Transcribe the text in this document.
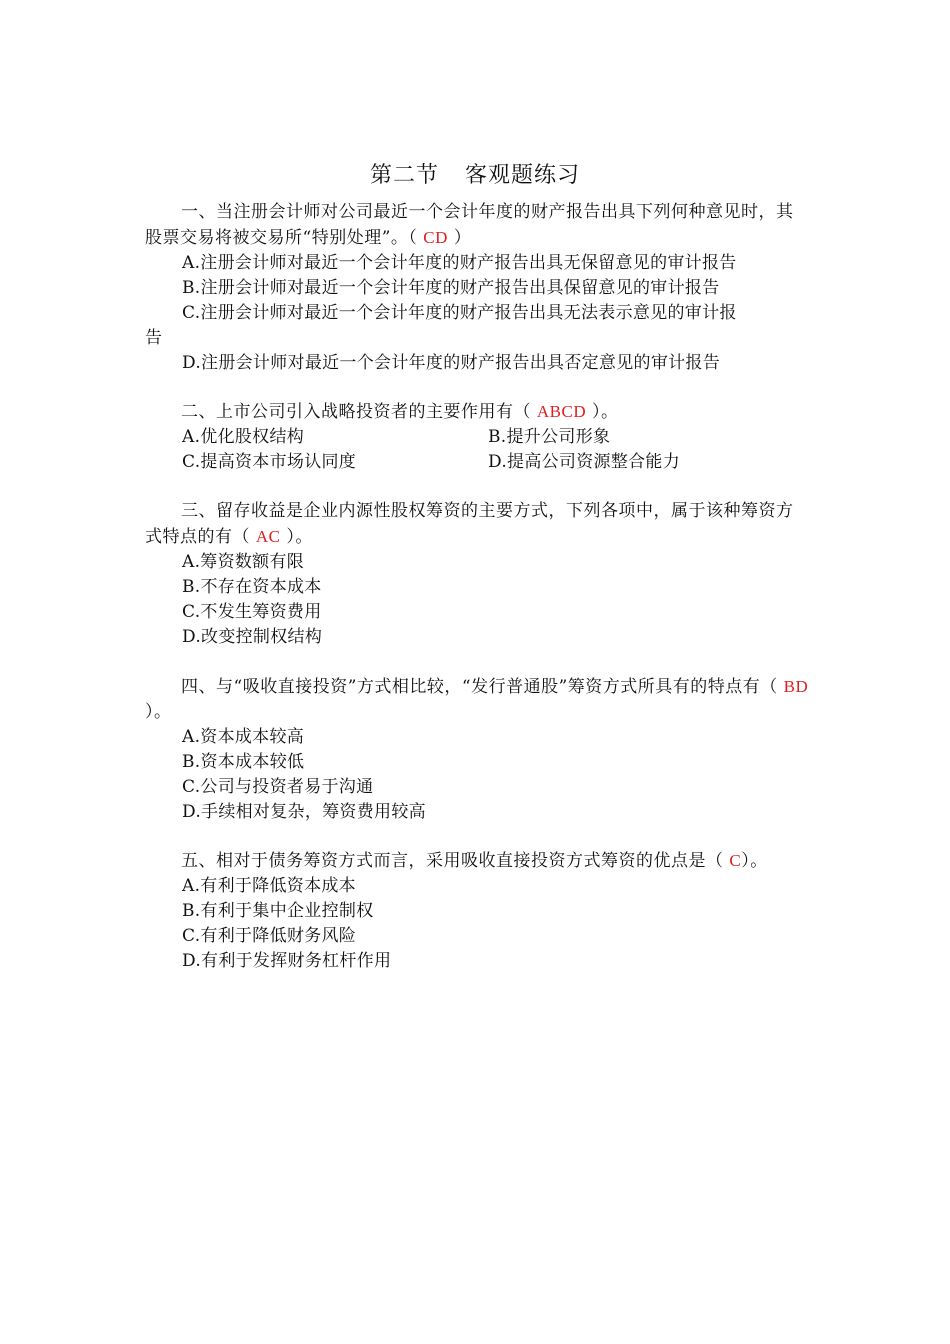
第二节 客观题练习

一、当注册会计师对公司最近一个会计年度的财产报告出具下列何种意见时，其股票交易将被交易所“特别处理”。（ CD ）

A.注册会计师对最近一个会计年度的财产报告出具无保留意见的审计报告

B.注册会计师对最近一个会计年度的财产报告出具保留意见的审计报告

C.注册会计师对最近一个会计年度的财产报告出具无法表示意见的审计报

告

D.注册会计师对最近一个会计年度的财产报告出具否定意见的审计报告

二、上市公司引入战略投资者的主要作用有（ ABCD ）。

A.优化股权结构	B.提升公司形象
C.提高资本市场认同度	D.提高公司资源整合能力

三、留存收益是企业内源性股权筹资的主要方式，下列各项中，属于该种筹资方式特点的有（ AC ）。

A.筹资数额有限

B.不存在资本成本

C.不发生筹资费用

D.改变控制权结构

四、与“吸收直接投资”方式相比较，“发行普通股”筹资方式所具有的特点有（ BD ）。

A.资本成本较高

B.资本成本较低

C.公司与投资者易于沟通

D.手续相对复杂，筹资费用较高

五、相对于债务筹资方式而言，采用吸收直接投资方式筹资的优点是（ C）。

A.有利于降低资本成本

B.有利于集中企业控制权

C.有利于降低财务风险

D.有利于发挥财务杠杆作用
